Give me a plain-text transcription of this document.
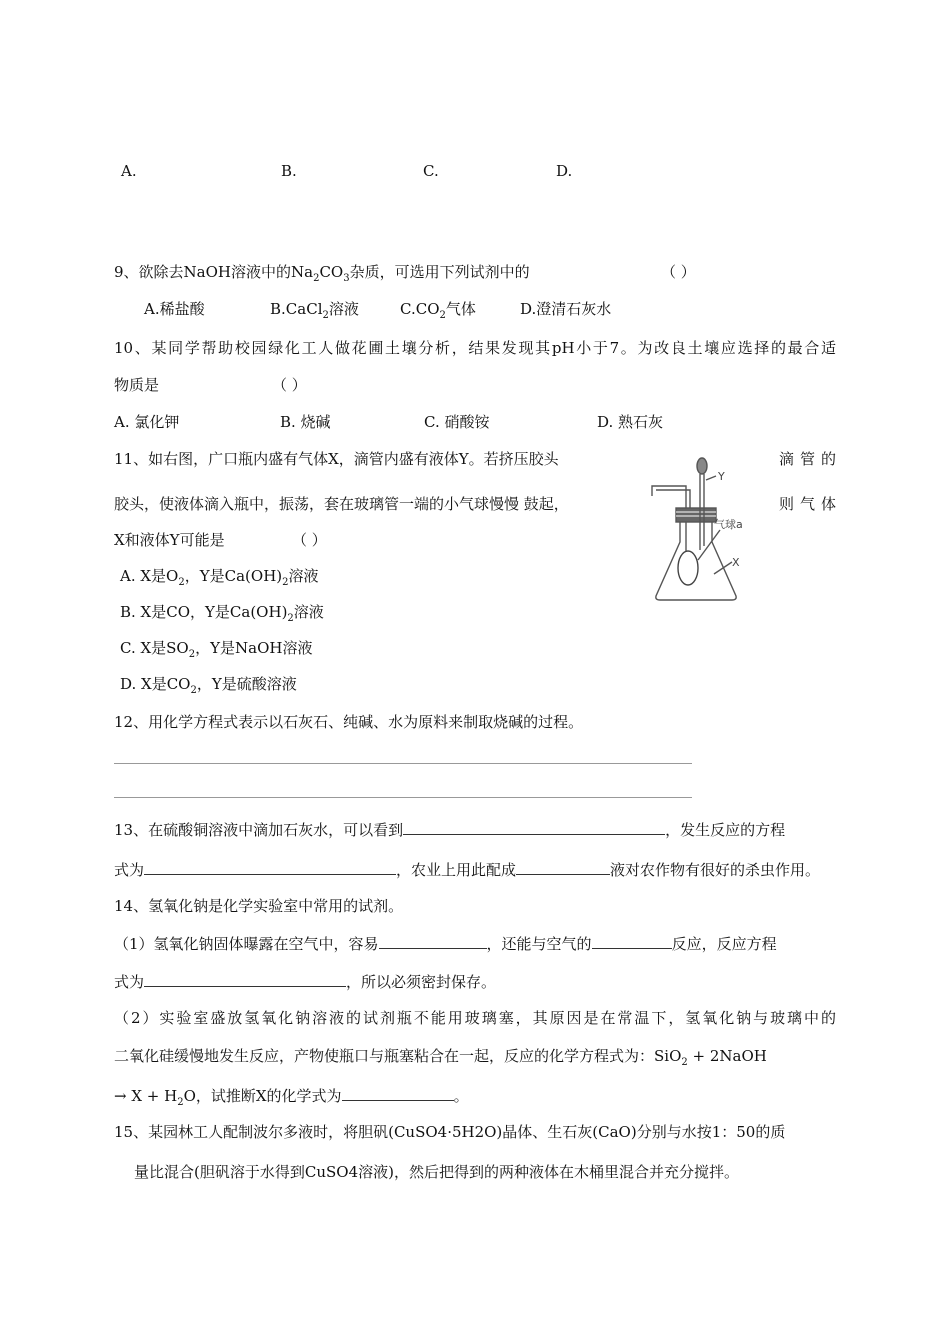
A.	B.	C.	D.
9、欲除去NaOH溶液中的$Na_2CO_3$杂质，可选用下列试剂中的	（ ）
A.稀盐酸	B.CaCl$_2$溶液	$C.CO_2$气体	D.澄清石灰水
10、某同学帮助校园绿化工人做花圃土壤分析，结果发现其pH小于7。为改良土壤应选择的最合适
物质是	（ ）
A. 氯化钾	B. 烧碱	C. 硝酸铵	D. 熟石灰
11、如右图，广口瓶内盛有气体X，滴管内盛有液体Y。若挤压胶头	滴管的
胶头，使液体滴入瓶中，振荡，套在玻璃管一端的小气球慢慢 鼓起，	则气体
X和液体Y可能是	（ ）
A. X是$O_2$，Y是$Ca(OH)_2$溶液
B. X是CO，Y是$Ca(OH)_2$溶液
C. X是$SO_2$，Y是NaOH溶液
D. X是$CO_2$，Y是硫酸溶液
Y
气球a
X
12、用化学方程式表示以石灰石、纯碱、水为原料来制取烧碱的过程。
13、在硫酸铜溶液中滴加石灰水，可以看到	，发生反应的方程
式为	，农业上用此配成	液对农作物有很好的杀虫作用。
14、氢氧化钠是化学实验室中常用的试剂。
（1）氢氧化钠固体曝露在空气中，容易	，还能与空气的	反应，反应方程
式为	，所以必须密封保存。
（2）实验室盛放氢氧化钠溶液的试剂瓶不能用玻璃塞，其原因是在常温下，氢氧化钠与玻璃中的
二氧化硅缓慢地发生反应，产物使瓶口与瓶塞粘合在一起，反应的化学方程式为：SiO$_2$ + 2NaOH
→ $X + H_2O$，试推断X的化学式为	。
15、某园林工人配制波尔多液时，将胆矾(CuSO4·5H2O)晶体、生石灰(CaO)分别与水按1：50的质
量比混合(胆矾溶于水得到CuSO4溶液)，然后把得到的两种液体在木桶里混合并充分搅拌。
